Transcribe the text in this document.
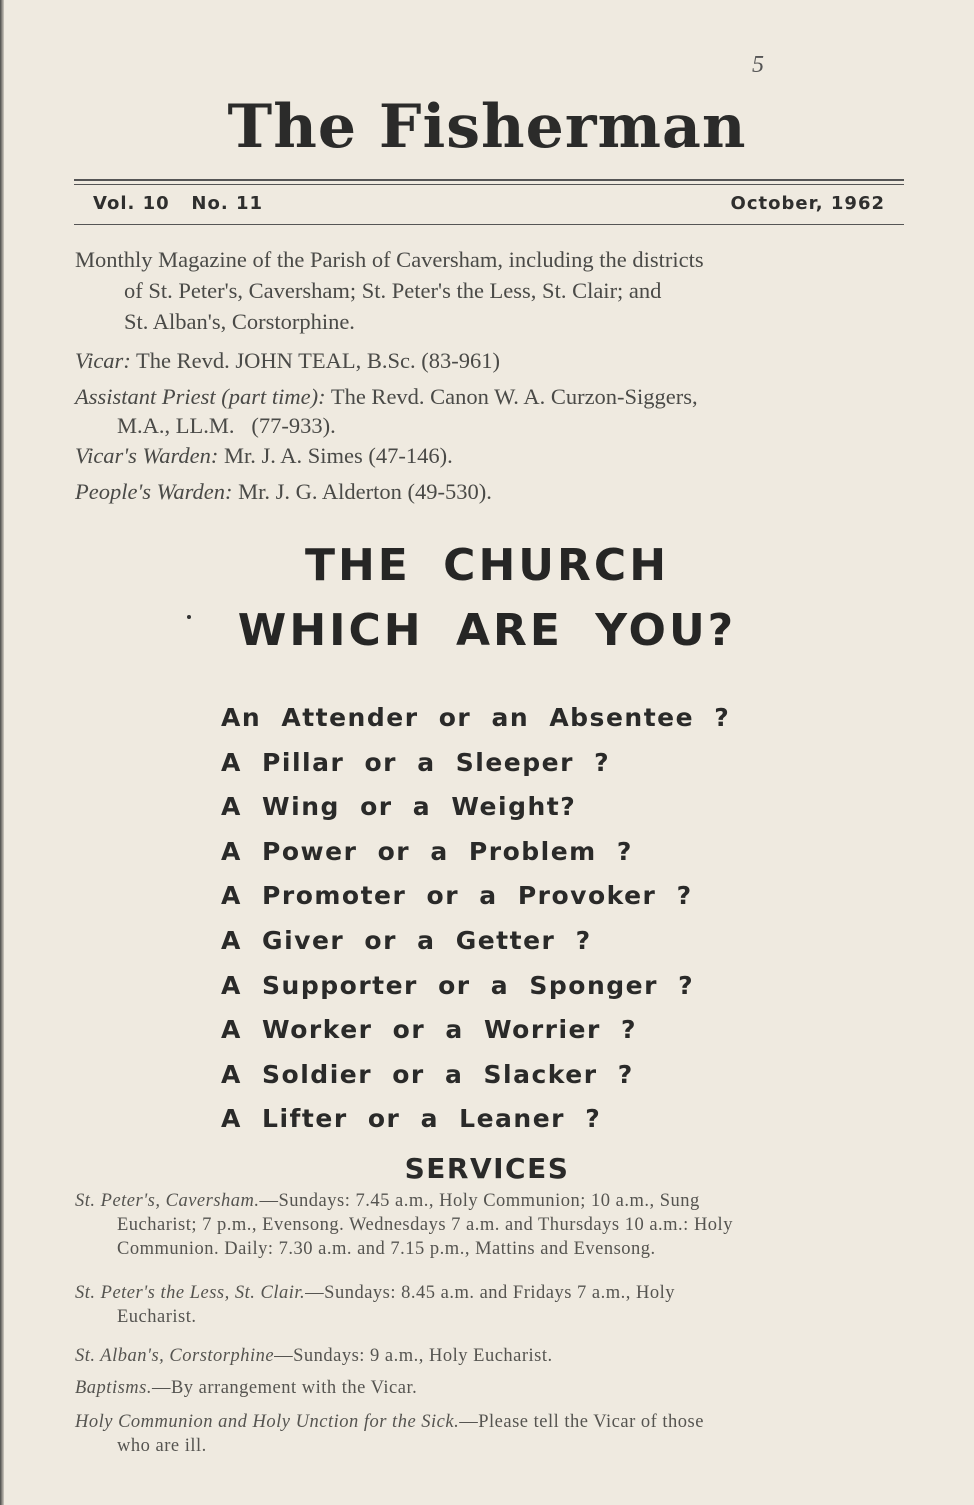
5
The Fisherman
Vol. 10   No. 11	October, 1962
Monthly Magazine of the Parish of Caversham, including the districts
of St. Peter's, Caversham; St. Peter's the Less, St. Clair; and
St. Alban's, Corstorphine.
Vicar: The Revd. JOHN TEAL, B.Sc. (83-961)
Assistant Priest (part time): The Revd. Canon W. A. Curzon-Siggers,
M.A., LL.M.   (77-933).
Vicar's Warden: Mr. J. A. Simes (47-146).
People's Warden: Mr. J. G. Alderton (49-530).
THE CHURCH
WHICH ARE YOU?
An Attender or an Absentee ?
A Pillar or a Sleeper ?
A Wing or a Weight?
A Power or a Problem ?
A Promoter or a Provoker ?
A Giver or a Getter ?
A Supporter or a Sponger ?
A Worker or a Worrier ?
A Soldier or a Slacker ?
A Lifter or a Leaner ?
SERVICES
St. Peter's, Caversham.—Sundays: 7.45 a.m., Holy Communion; 10 a.m., Sung
Eucharist; 7 p.m., Evensong. Wednesdays 7 a.m. and Thursdays 10 a.m.: Holy
Communion. Daily: 7.30 a.m. and 7.15 p.m., Mattins and Evensong.
St. Peter's the Less, St. Clair.—Sundays: 8.45 a.m. and Fridays 7 a.m., Holy
Eucharist.
St. Alban's, Corstorphine—Sundays: 9 a.m., Holy Eucharist.
Baptisms.—By arrangement with the Vicar.
Holy Communion and Holy Unction for the Sick.—Please tell the Vicar of those
who are ill.
